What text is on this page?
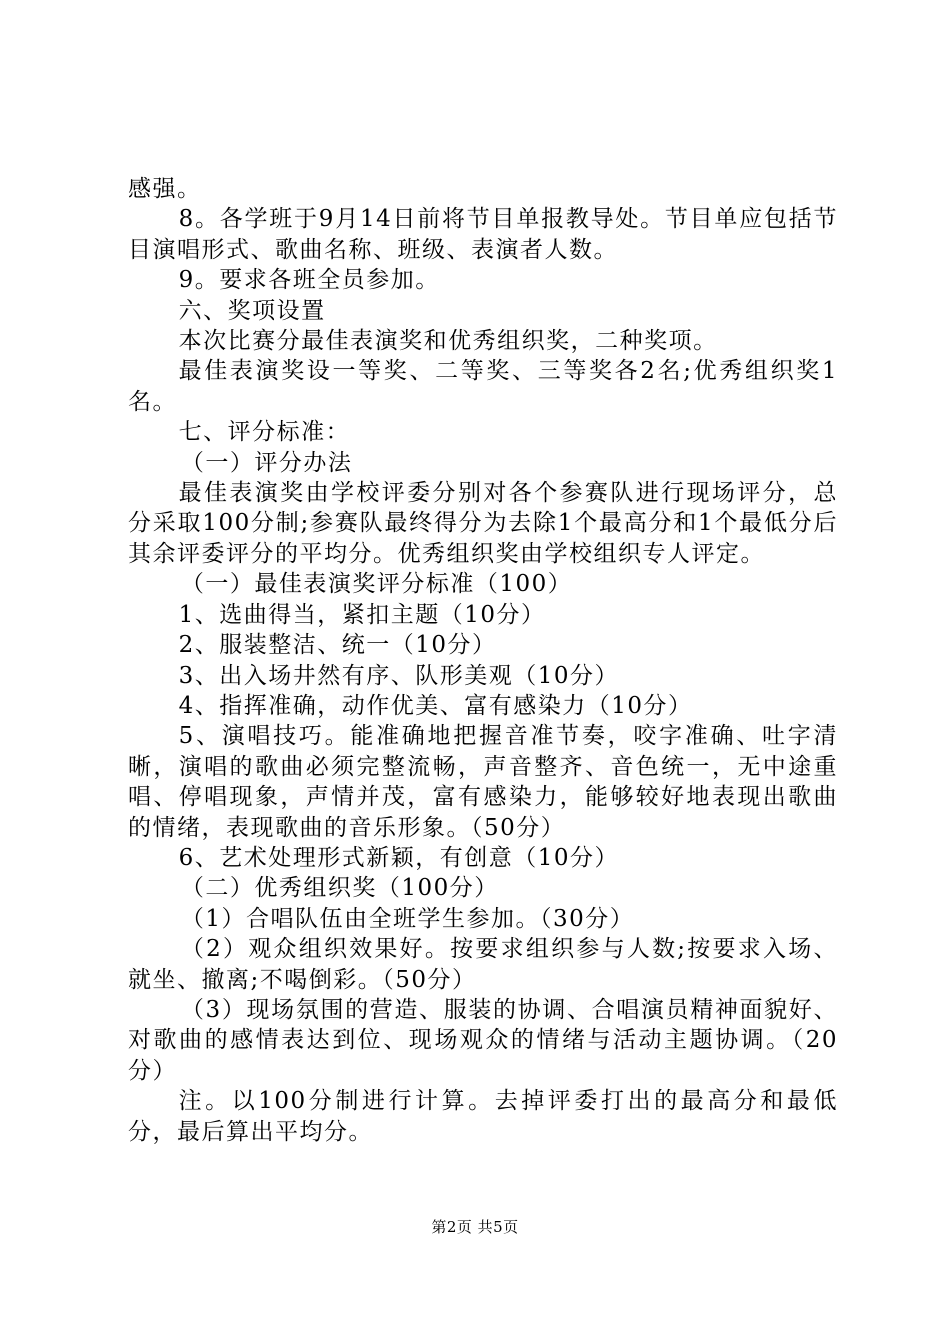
感强。

8。各学班于9月14日前将节目单报教导处。节目单应包括节目演唱形式、歌曲名称、班级、表演者人数。

9。要求各班全员参加。

六、奖项设置

本次比赛分最佳表演奖和优秀组织奖，二种奖项。

最佳表演奖设一等奖、二等奖、三等奖各2名;优秀组织奖1名。

七、评分标准：

（一）评分办法

最佳表演奖由学校评委分别对各个参赛队进行现场评分，总分采取100分制;参赛队最终得分为去除1个最高分和1个最低分后其余评委评分的平均分。优秀组织奖由学校组织专人评定。

（一）最佳表演奖评分标准（100）

1、选曲得当，紧扣主题（10分）

2、服装整洁、统一（10分）

3、出入场井然有序、队形美观（10分）

4、指挥准确，动作优美、富有感染力（10分）

5、演唱技巧。能准确地把握音准节奏，咬字准确、吐字清晰，演唱的歌曲必须完整流畅，声音整齐、音色统一，无中途重唱、停唱现象，声情并茂，富有感染力，能够较好地表现出歌曲的情绪，表现歌曲的音乐形象。（50分）

6、艺术处理形式新颖，有创意（10分）

（二）优秀组织奖（100分）

（1）合唱队伍由全班学生参加。（30分）

（2）观众组织效果好。按要求组织参与人数;按要求入场、就坐、撤离;不喝倒彩。（50分）

（3）现场氛围的营造、服装的协调、合唱演员精神面貌好、对歌曲的感情表达到位、现场观众的情绪与活动主题协调。（20分）

注。以100分制进行计算。去掉评委打出的最高分和最低分，最后算出平均分。

第2页 共5页
